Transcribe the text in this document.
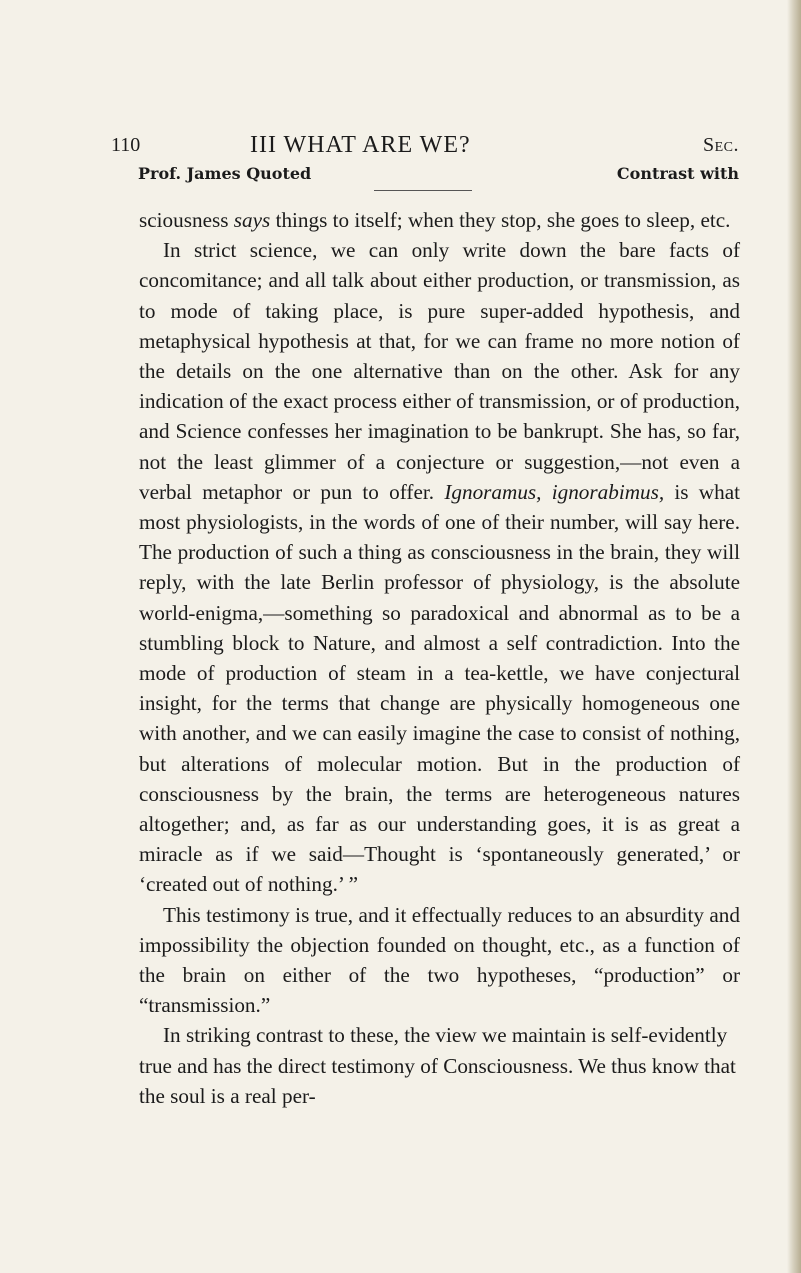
110	III WHAT ARE WE?	Sec.
Prof. James Quoted	Contrast with

sciousness says things to itself; when they stop, she goes to sleep, etc.

In strict science, we can only write down the bare facts of concomitance; and all talk about either production, or transmission, as to mode of taking place, is pure super-added hypothesis, and metaphysical hypothesis at that, for we can frame no more notion of the details on the one alternative than on the other. Ask for any indication of the exact process either of transmission, or of production, and Science confesses her imagination to be bankrupt. She has, so far, not the least glimmer of a conjecture or suggestion,—not even a verbal metaphor or pun to offer. Ignoramus, ignorabimus, is what most physiologists, in the words of one of their number, will say here. The production of such a thing as consciousness in the brain, they will reply, with the late Berlin professor of physiology, is the absolute world-enigma,—something so paradoxical and abnormal as to be a stumbling block to Nature, and almost a self contradiction. Into the mode of production of steam in a tea-kettle, we have conjectural insight, for the terms that change are physically homogeneous one with another, and we can easily imagine the case to consist of nothing, but alterations of molecular motion. But in the production of consciousness by the brain, the terms are heterogeneous natures altogether; and, as far as our understanding goes, it is as great a miracle as if we said—Thought is ‘spontaneously generated,’ or ‘created out of nothing.’ ”

This testimony is true, and it effectually reduces to an absurdity and impossibility the objection founded on thought, etc., as a function of the brain on either of the two hypotheses, “production” or “transmission.”

In striking contrast to these, the view we maintain is self-evidently true and has the direct testimony of Consciousness. We thus know that the soul is a real per-
